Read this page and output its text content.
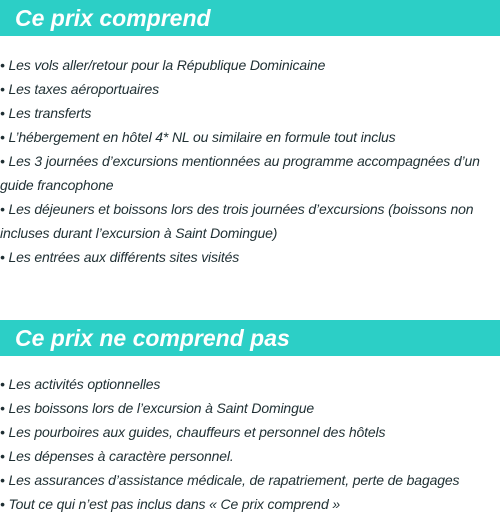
Ce prix comprend
• Les vols aller/retour pour la République Dominicaine
• Les taxes aéroportuaires
• Les transferts
• L’hébergement en hôtel 4* NL ou similaire en formule tout inclus
• Les 3 journées d’excursions mentionnées au programme accompagnées d’un guide francophone
• Les déjeuners et boissons lors des trois journées d’excursions (boissons non incluses durant l’excursion à Saint Domingue)
• Les entrées aux différents sites visités
Ce prix ne comprend pas
• Les activités optionnelles
• Les boissons lors de l’excursion à Saint Domingue
• Les pourboires aux guides, chauffeurs et personnel des hôtels
• Les dépenses à caractère personnel.
• Les assurances d’assistance médicale, de rapatriement, perte de bagages
• Tout ce qui n’est pas inclus dans « Ce prix comprend »
